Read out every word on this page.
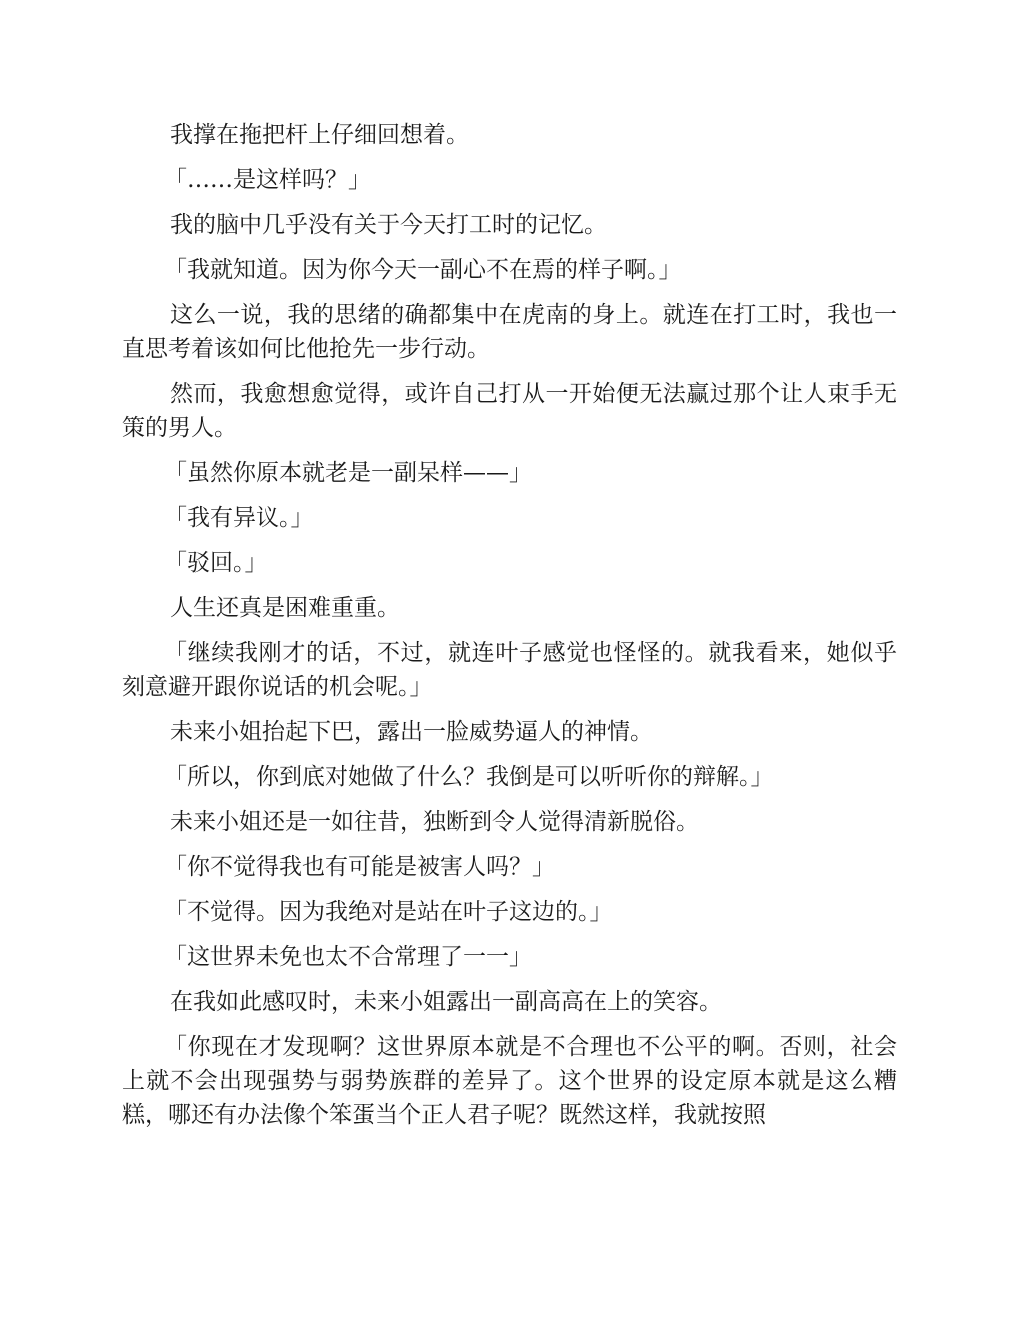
我撑在拖把杆上仔细回想着。

「……是这样吗？」

我的脑中几乎没有关于今天打工时的记忆。

「我就知道。因为你今天一副心不在焉的样子啊。」

这么一说，我的思绪的确都集中在虎南的身上。就连在打工时，我也一直思考着该如何比他抢先一步行动。

然而，我愈想愈觉得，或许自己打从一开始便无法赢过那个让人束手无策的男人。

「虽然你原本就老是一副呆样——」

「我有异议。」

「驳回。」

人生还真是困难重重。

「继续我刚才的话，不过，就连叶子感觉也怪怪的。就我看来，她似乎刻意避开跟你说话的机会呢。」

未来小姐抬起下巴，露出一脸威势逼人的神情。

「所以，你到底对她做了什么？我倒是可以听听你的辩解。」

未来小姐还是一如往昔，独断到令人觉得清新脱俗。

「你不觉得我也有可能是被害人吗？」

「不觉得。因为我绝对是站在叶子这边的。」

「这世界未免也太不合常理了一一」

在我如此感叹时，未来小姐露出一副高高在上的笑容。

「你现在才发现啊？这世界原本就是不合理也不公平的啊。否则，社会上就不会出现强势与弱势族群的差异了。这个世界的设定原本就是这么糟糕，哪还有办法像个笨蛋当个正人君子呢？既然这样，我就按照
